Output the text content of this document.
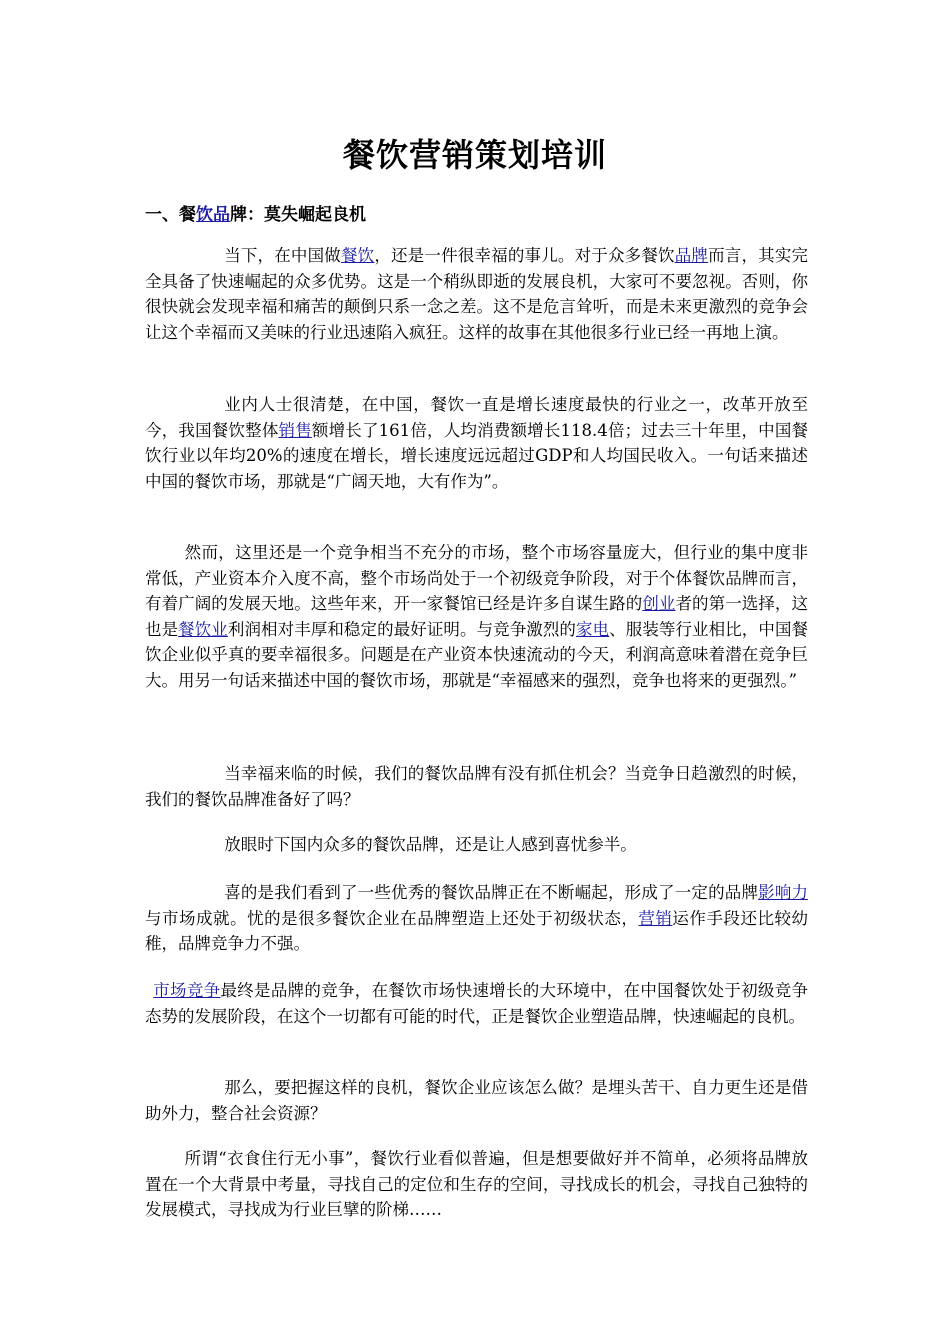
餐饮营销策划培训
一、餐饮品牌：莫失崛起良机

当下，在中国做餐饮，还是一件很幸福的事儿。对于众多餐饮品牌而言，其实完全具备了快速崛起的众多优势。这是一个稍纵即逝的发展良机，大家可不要忽视。否则，你很快就会发现幸福和痛苦的颠倒只系一念之差。这不是危言耸听，而是未来更激烈的竞争会让这个幸福而又美味的行业迅速陷入疯狂。这样的故事在其他很多行业已经一再地上演。

业内人士很清楚，在中国，餐饮一直是增长速度最快的行业之一，改革开放至今，我国餐饮整体销售额增长了161倍，人均消费额增长118.4倍；过去三十年里，中国餐饮行业以年均20%的速度在增长，增长速度远远超过GDP和人均国民收入。一句话来描述中国的餐饮市场，那就是“广阔天地，大有作为”。

然而，这里还是一个竞争相当不充分的市场，整个市场容量庞大，但行业的集中度非常低，产业资本介入度不高，整个市场尚处于一个初级竞争阶段，对于个体餐饮品牌而言，有着广阔的发展天地。这些年来，开一家餐馆已经是许多自谋生路的创业者的第一选择，这也是餐饮业利润相对丰厚和稳定的最好证明。与竞争激烈的家电、服装等行业相比，中国餐饮企业似乎真的要幸福很多。问题是在产业资本快速流动的今天，利润高意味着潜在竞争巨大。用另一句话来描述中国的餐饮市场，那就是“幸福感来的强烈，竞争也将来的更强烈。”

当幸福来临的时候，我们的餐饮品牌有没有抓住机会？当竞争日趋激烈的时候，我们的餐饮品牌准备好了吗？

放眼时下国内众多的餐饮品牌，还是让人感到喜忧参半。

喜的是我们看到了一些优秀的餐饮品牌正在不断崛起，形成了一定的品牌影响力与市场成就。忧的是很多餐饮企业在品牌塑造上还处于初级状态，营销运作手段还比较幼稚，品牌竞争力不强。

市场竞争最终是品牌的竞争，在餐饮市场快速增长的大环境中，在中国餐饮处于初级竞争态势的发展阶段，在这个一切都有可能的时代，正是餐饮企业塑造品牌，快速崛起的良机。

那么，要把握这样的良机，餐饮企业应该怎么做？是埋头苦干、自力更生还是借助外力，整合社会资源？

所谓“衣食住行无小事”，餐饮行业看似普遍，但是想要做好并不简单，必须将品牌放置在一个大背景中考量，寻找自己的定位和生存的空间，寻找成长的机会，寻找自己独特的发展模式，寻找成为行业巨擘的阶梯……
